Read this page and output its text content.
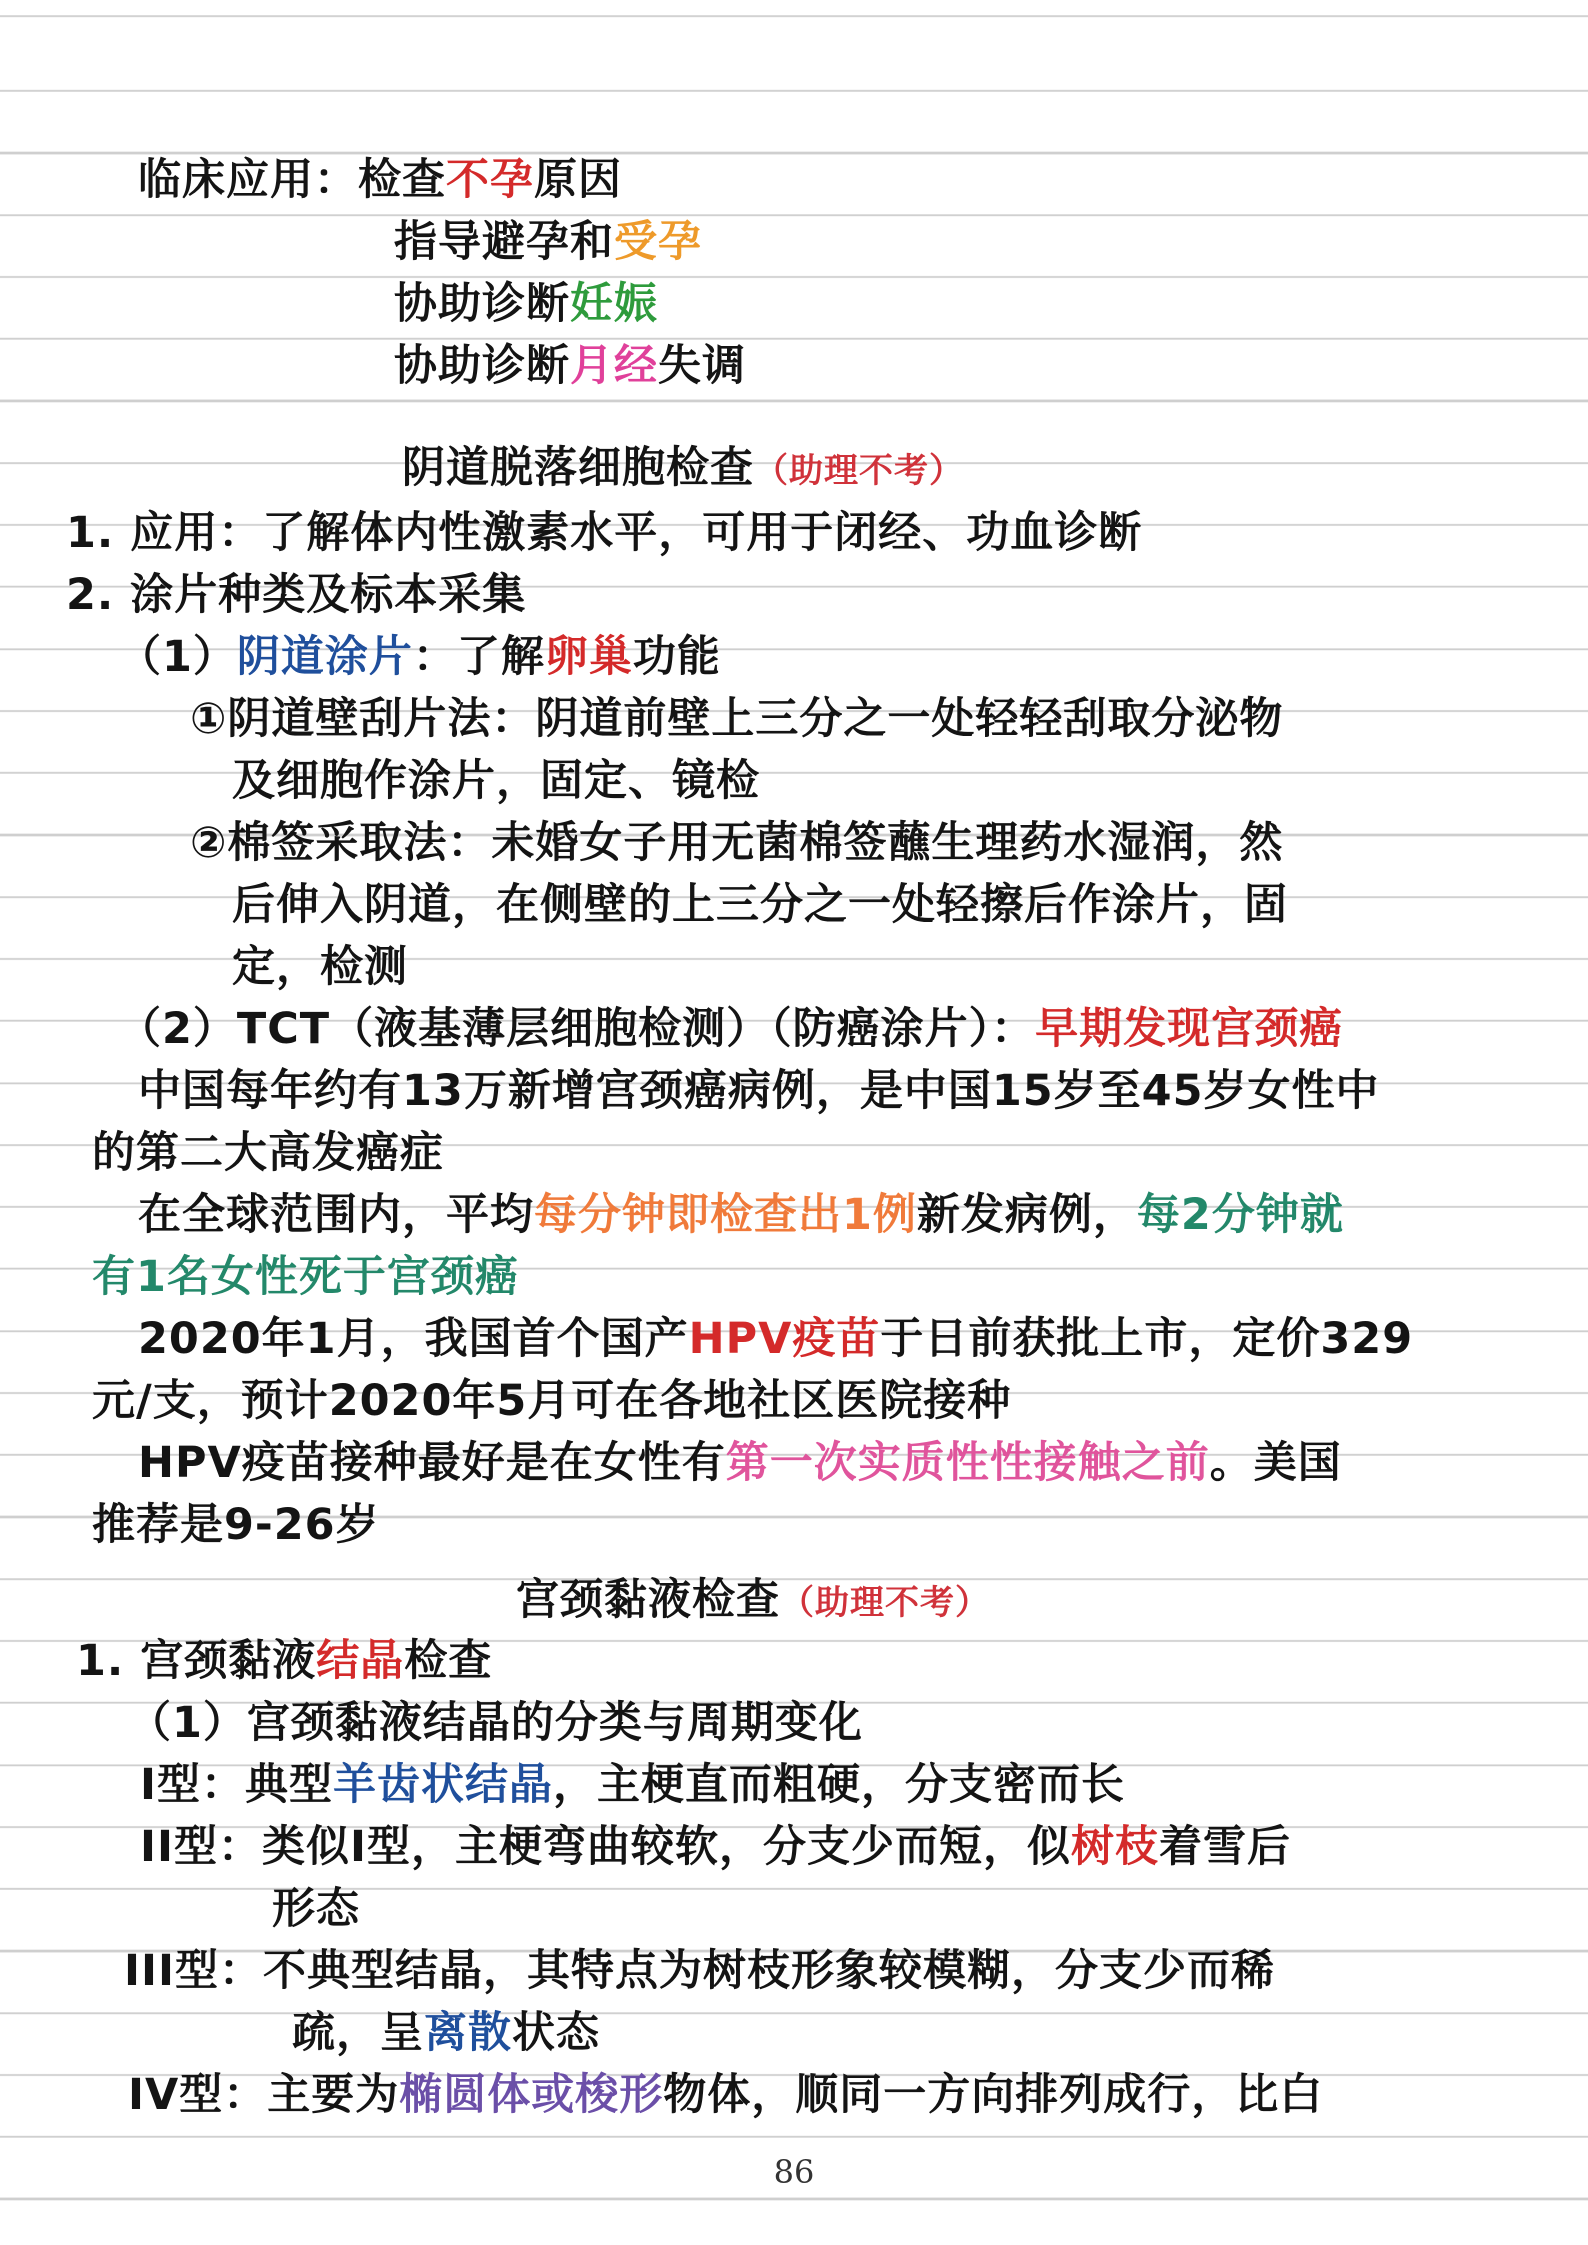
临床应用：检查不孕原因
指导避孕和受孕
协助诊断妊娠
协助诊断月经失调
阴道脱落细胞检查（助理不考）
1. 应用：了解体内性激素水平，可用于闭经、功血诊断
2. 涂片种类及标本采集
（1）阴道涂片：了解卵巢功能
①阴道壁刮片法：阴道前壁上三分之一处轻轻刮取分泌物
及细胞作涂片，固定、镜检
②棉签采取法：未婚女子用无菌棉签蘸生理药水湿润，然
后伸入阴道，在侧壁的上三分之一处轻擦后作涂片，固
定，检测
（2）TCT（液基薄层细胞检测）（防癌涂片）：早期发现宫颈癌
中国每年约有13万新增宫颈癌病例，是中国15岁至45岁女性中
的第二大高发癌症
在全球范围内，平均每分钟即检查出1例新发病例，每2分钟就
有1名女性死于宫颈癌
2020年1月，我国首个国产HPV疫苗于日前获批上市，定价329
元/支，预计2020年5月可在各地社区医院接种
HPV疫苗接种最好是在女性有第一次实质性性接触之前。美国
推荐是9-26岁
宫颈黏液检查（助理不考）
1. 宫颈黏液结晶检查
（1）宫颈黏液结晶的分类与周期变化
I型：典型羊齿状结晶，主梗直而粗硬，分支密而长
II型：类似I型，主梗弯曲较软，分支少而短，似树枝着雪后
形态
III型：不典型结晶，其特点为树枝形象较模糊，分支少而稀
疏，呈离散状态
IV型：主要为椭圆体或梭形物体，顺同一方向排列成行，比白
86
